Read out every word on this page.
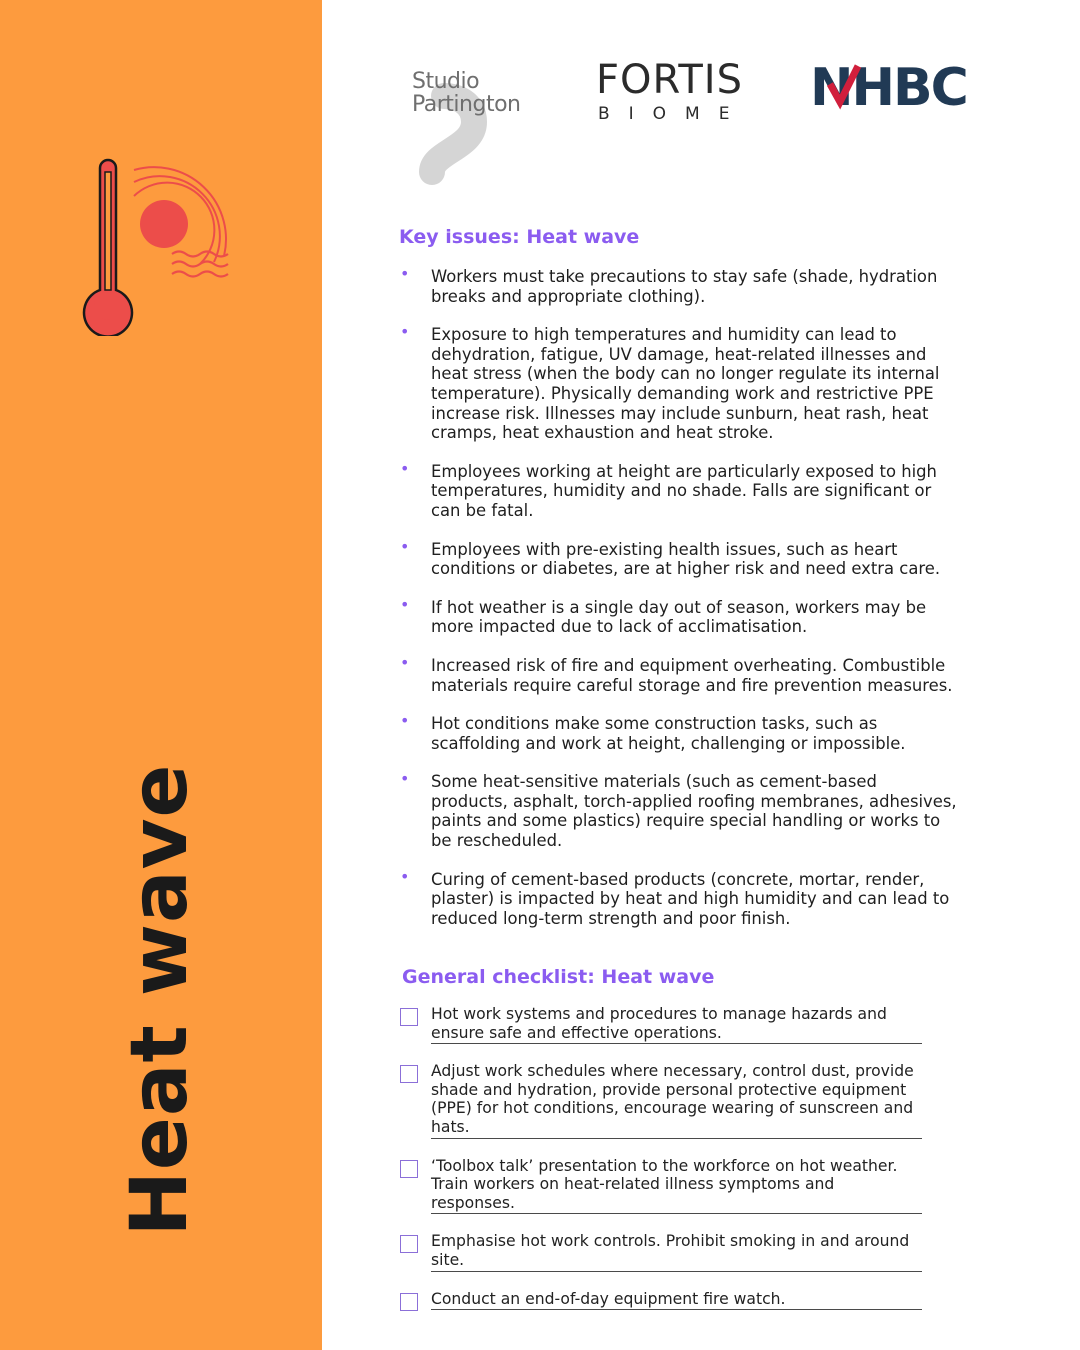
Heat wave
Studio
Partington
FORTIS
BIOME NHBC
Key issues: Heat wave
• Workers must take precautions to stay safe (shade, hydration breaks and appropriate clothing).
• Exposure to high temperatures and humidity can lead to dehydration, fatigue, UV damage, heat-related illnesses and heat stress (when the body can no longer regulate its internal temperature). Physically demanding work and restrictive PPE increase risk. Illnesses may include sunburn, heat rash, heat cramps, heat exhaustion and heat stroke.
• Employees working at height are particularly exposed to high temperatures, humidity and no shade. Falls are significant or can be fatal.
• Employees with pre-existing health issues, such as heart conditions or diabetes, are at higher risk and need extra care.
• If hot weather is a single day out of season, workers may be more impacted due to lack of acclimatisation.
• Increased risk of fire and equipment overheating. Combustible materials require careful storage and fire prevention measures.
• Hot conditions make some construction tasks, such as scaffolding and work at height, challenging or impossible.
• Some heat-sensitive materials (such as cement-based products, asphalt, torch-applied roofing membranes, adhesives, paints and some plastics) require special handling or works to be rescheduled.
• Curing of cement-based products (concrete, mortar, render, plaster) is impacted by heat and high humidity and can lead to reduced long-term strength and poor finish.
General checklist: Heat wave
Hot work systems and procedures to manage hazards and ensure safe and effective operations.
Adjust work schedules where necessary, control dust, provide shade and hydration, provide personal protective equipment (PPE) for hot conditions, encourage wearing of sunscreen and hats.
‘Toolbox talk’ presentation to the workforce on hot weather. Train workers on heat-related illness symptoms and responses.
Emphasise hot work controls. Prohibit smoking in and around site.
Conduct an end-of-day equipment fire watch.
